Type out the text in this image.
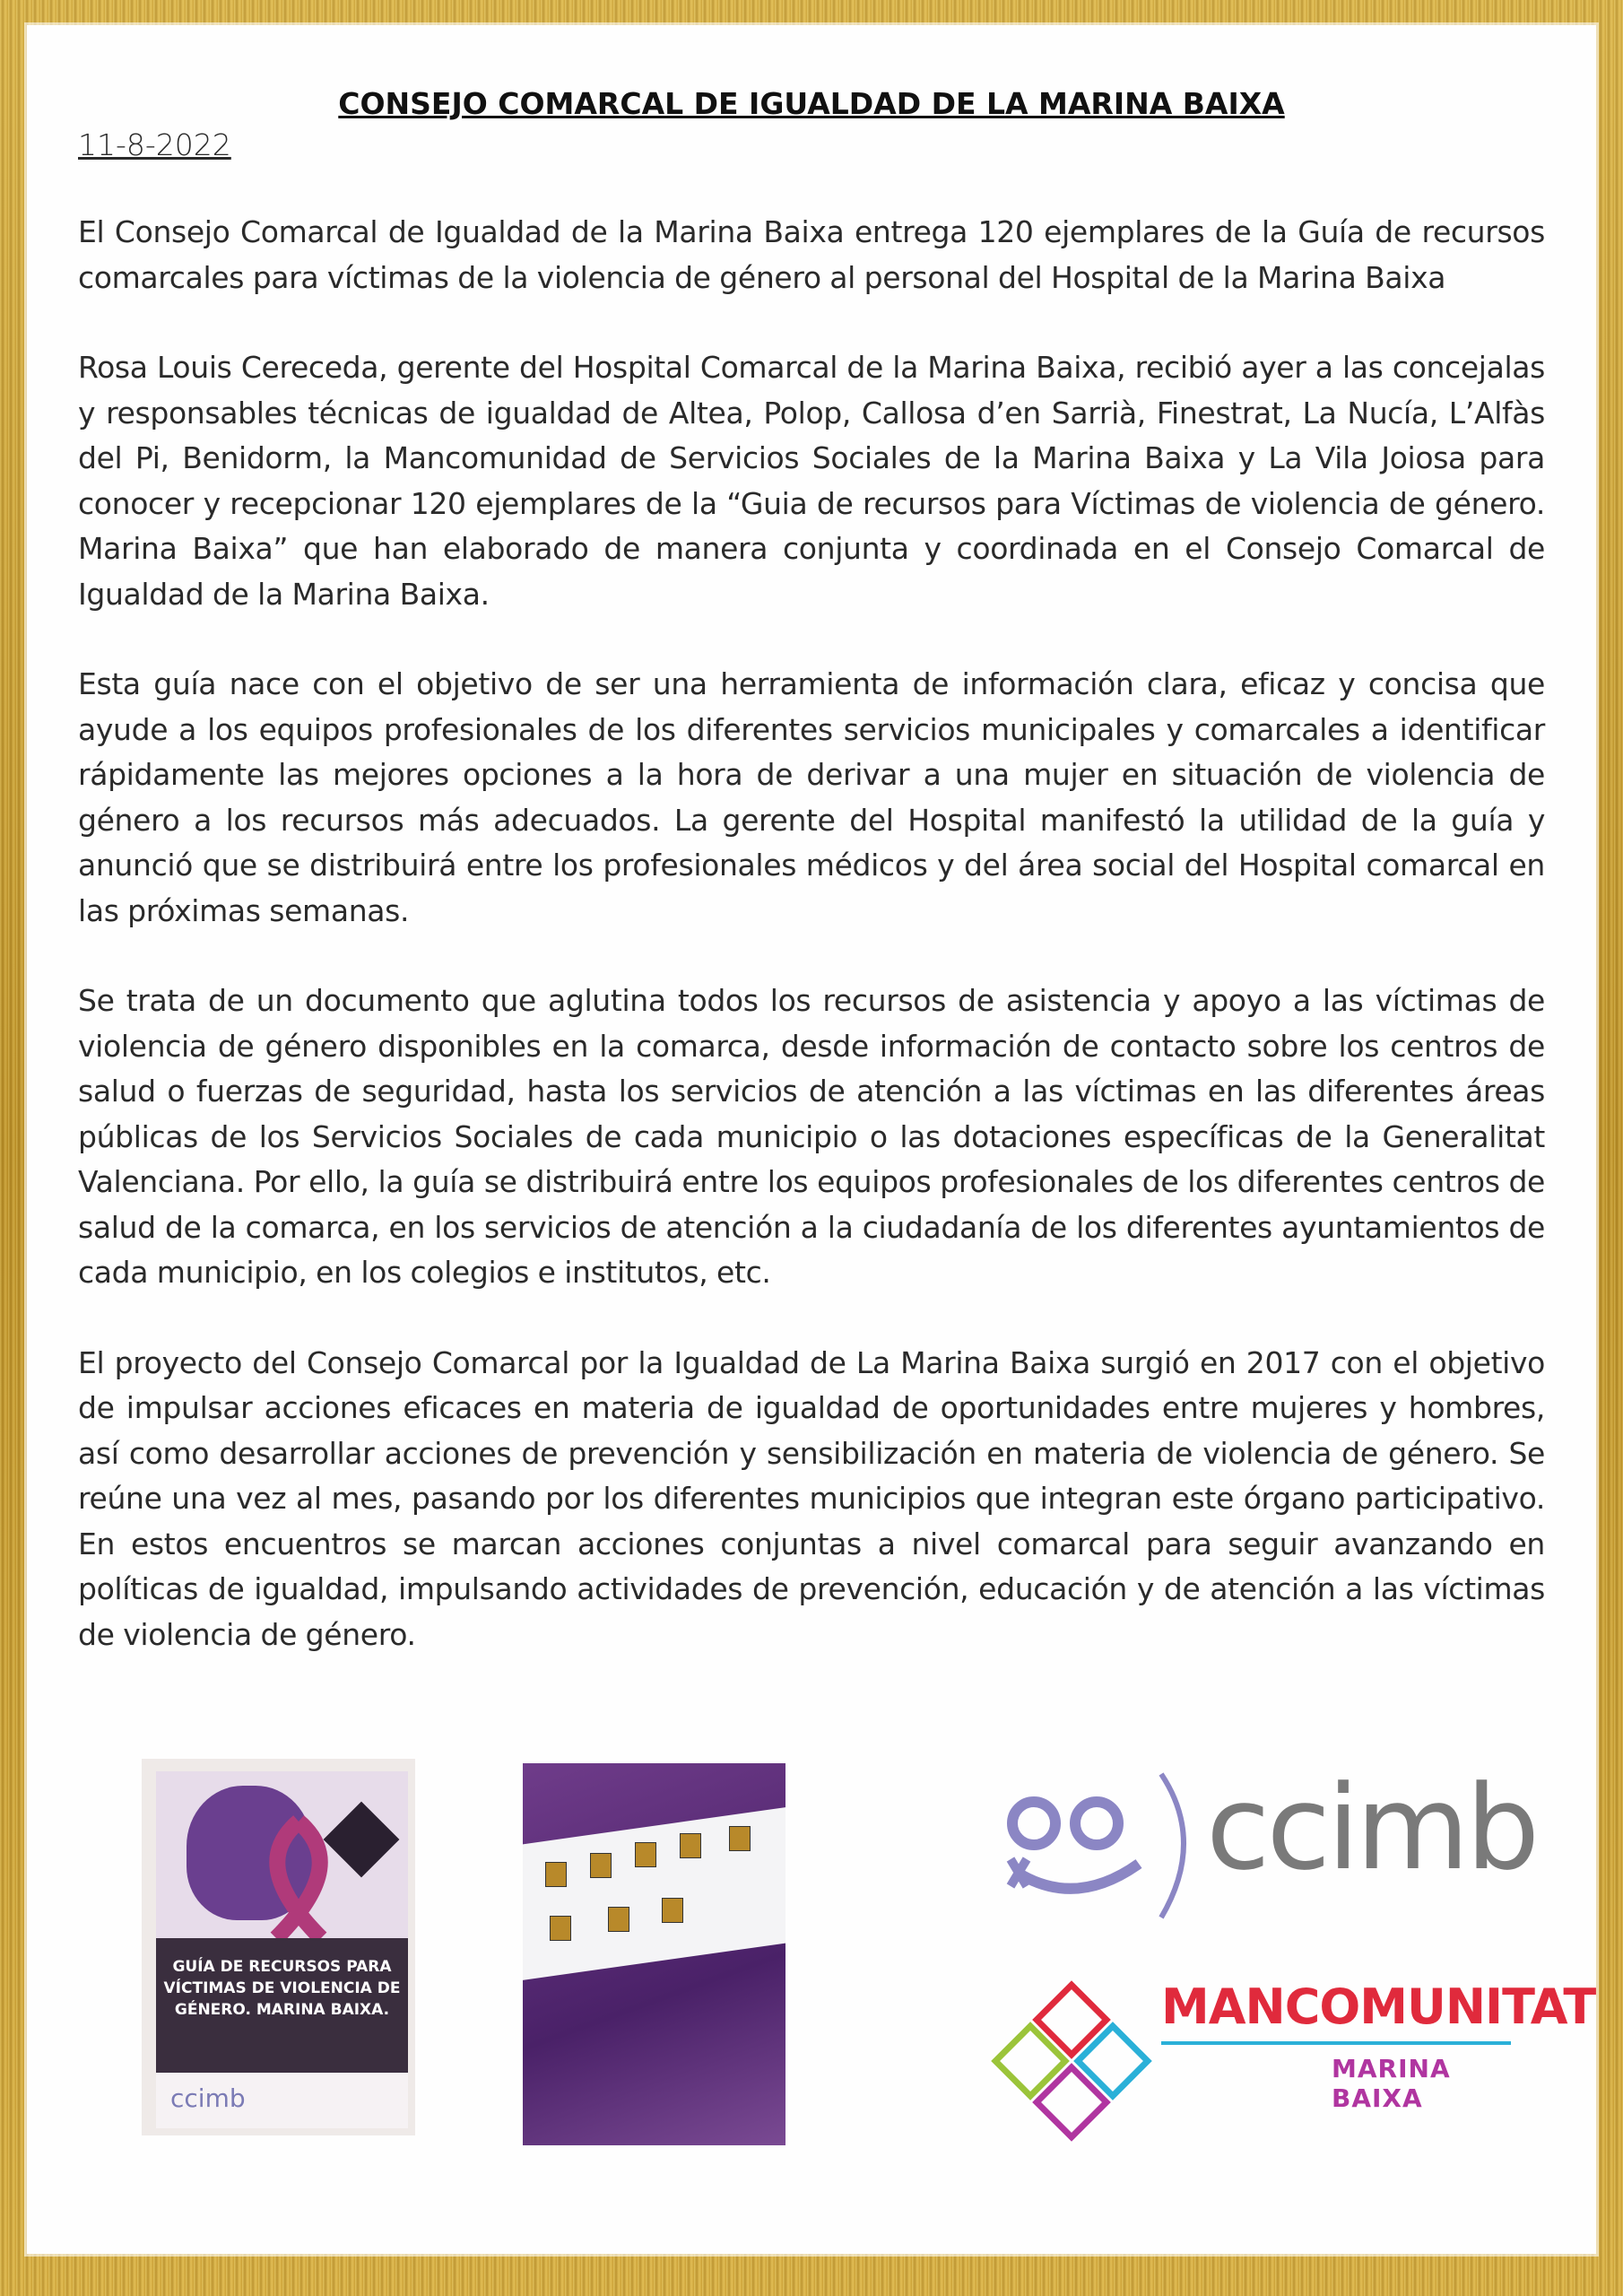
CONSEJO COMARCAL DE IGUALDAD DE LA MARINA BAIXA
11-8-2022

El Consejo Comarcal de Igualdad de la Marina Baixa entrega 120 ejemplares de la Guía de recursos comarcales para víctimas de la violencia de género al personal del Hospital de la Marina Baixa

Rosa Louis Cereceda, gerente del Hospital Comarcal de la Marina Baixa, recibió ayer a las concejalas y responsables técnicas de igualdad de Altea, Polop, Callosa d’en Sarrià, Finestrat, La Nucía, L’Alfàs del Pi, Benidorm, la Mancomunidad de Servicios Sociales de la Marina Baixa y La Vila Joiosa para conocer y recepcionar 120 ejemplares de la “Guia de recursos para Víctimas de violencia de género. Marina Baixa” que han elaborado de manera conjunta y coordinada en el Consejo Comarcal de Igualdad de la Marina Baixa.

Esta guía nace con el objetivo de ser una herramienta de información clara, eficaz y concisa que ayude a los equipos profesionales de los diferentes servicios municipales y comarcales a identificar rápidamente las mejores opciones a la hora de derivar a una mujer en situación de violencia de género a los recursos más adecuados. La gerente del Hospital manifestó la utilidad de la guía y anunció que se distribuirá entre los profesionales médicos y del área social del Hospital comarcal en las próximas semanas.

Se trata de un documento que aglutina todos los recursos de asistencia y apoyo a las víctimas de violencia de género disponibles en la comarca, desde información de contacto sobre los centros de salud o fuerzas de seguridad, hasta los servicios de atención a las víctimas en las diferentes áreas públicas de los Servicios Sociales de cada municipio o las dotaciones específicas de la Generalitat Valenciana. Por ello, la guía se distribuirá entre los equipos profesionales de los diferentes centros de salud de la comarca, en los servicios de atención a la ciudadanía de los diferentes ayuntamientos de cada municipio, en los colegios e institutos, etc.

El proyecto del Consejo Comarcal por la Igualdad de La Marina Baixa surgió en 2017 con el objetivo de impulsar acciones eficaces en materia de igualdad de oportunidades entre mujeres y hombres, así como desarrollar acciones de prevención y sensibilización en materia de violencia de género. Se reúne una vez al mes, pasando por los diferentes municipios que integran este órgano participativo. En estos encuentros se marcan acciones conjuntas a nivel comarcal para seguir avanzando en políticas de igualdad, impulsando actividades de prevención, educación y de atención a las víctimas de violencia de género.

GUÍA DE RECURSOS PARA VÍCTIMAS DE VIOLENCIA DE GÉNERO. MARINA BAIXA.
ccimb
ccimb
MANCOMUNITAT
MARINA BAIXA
